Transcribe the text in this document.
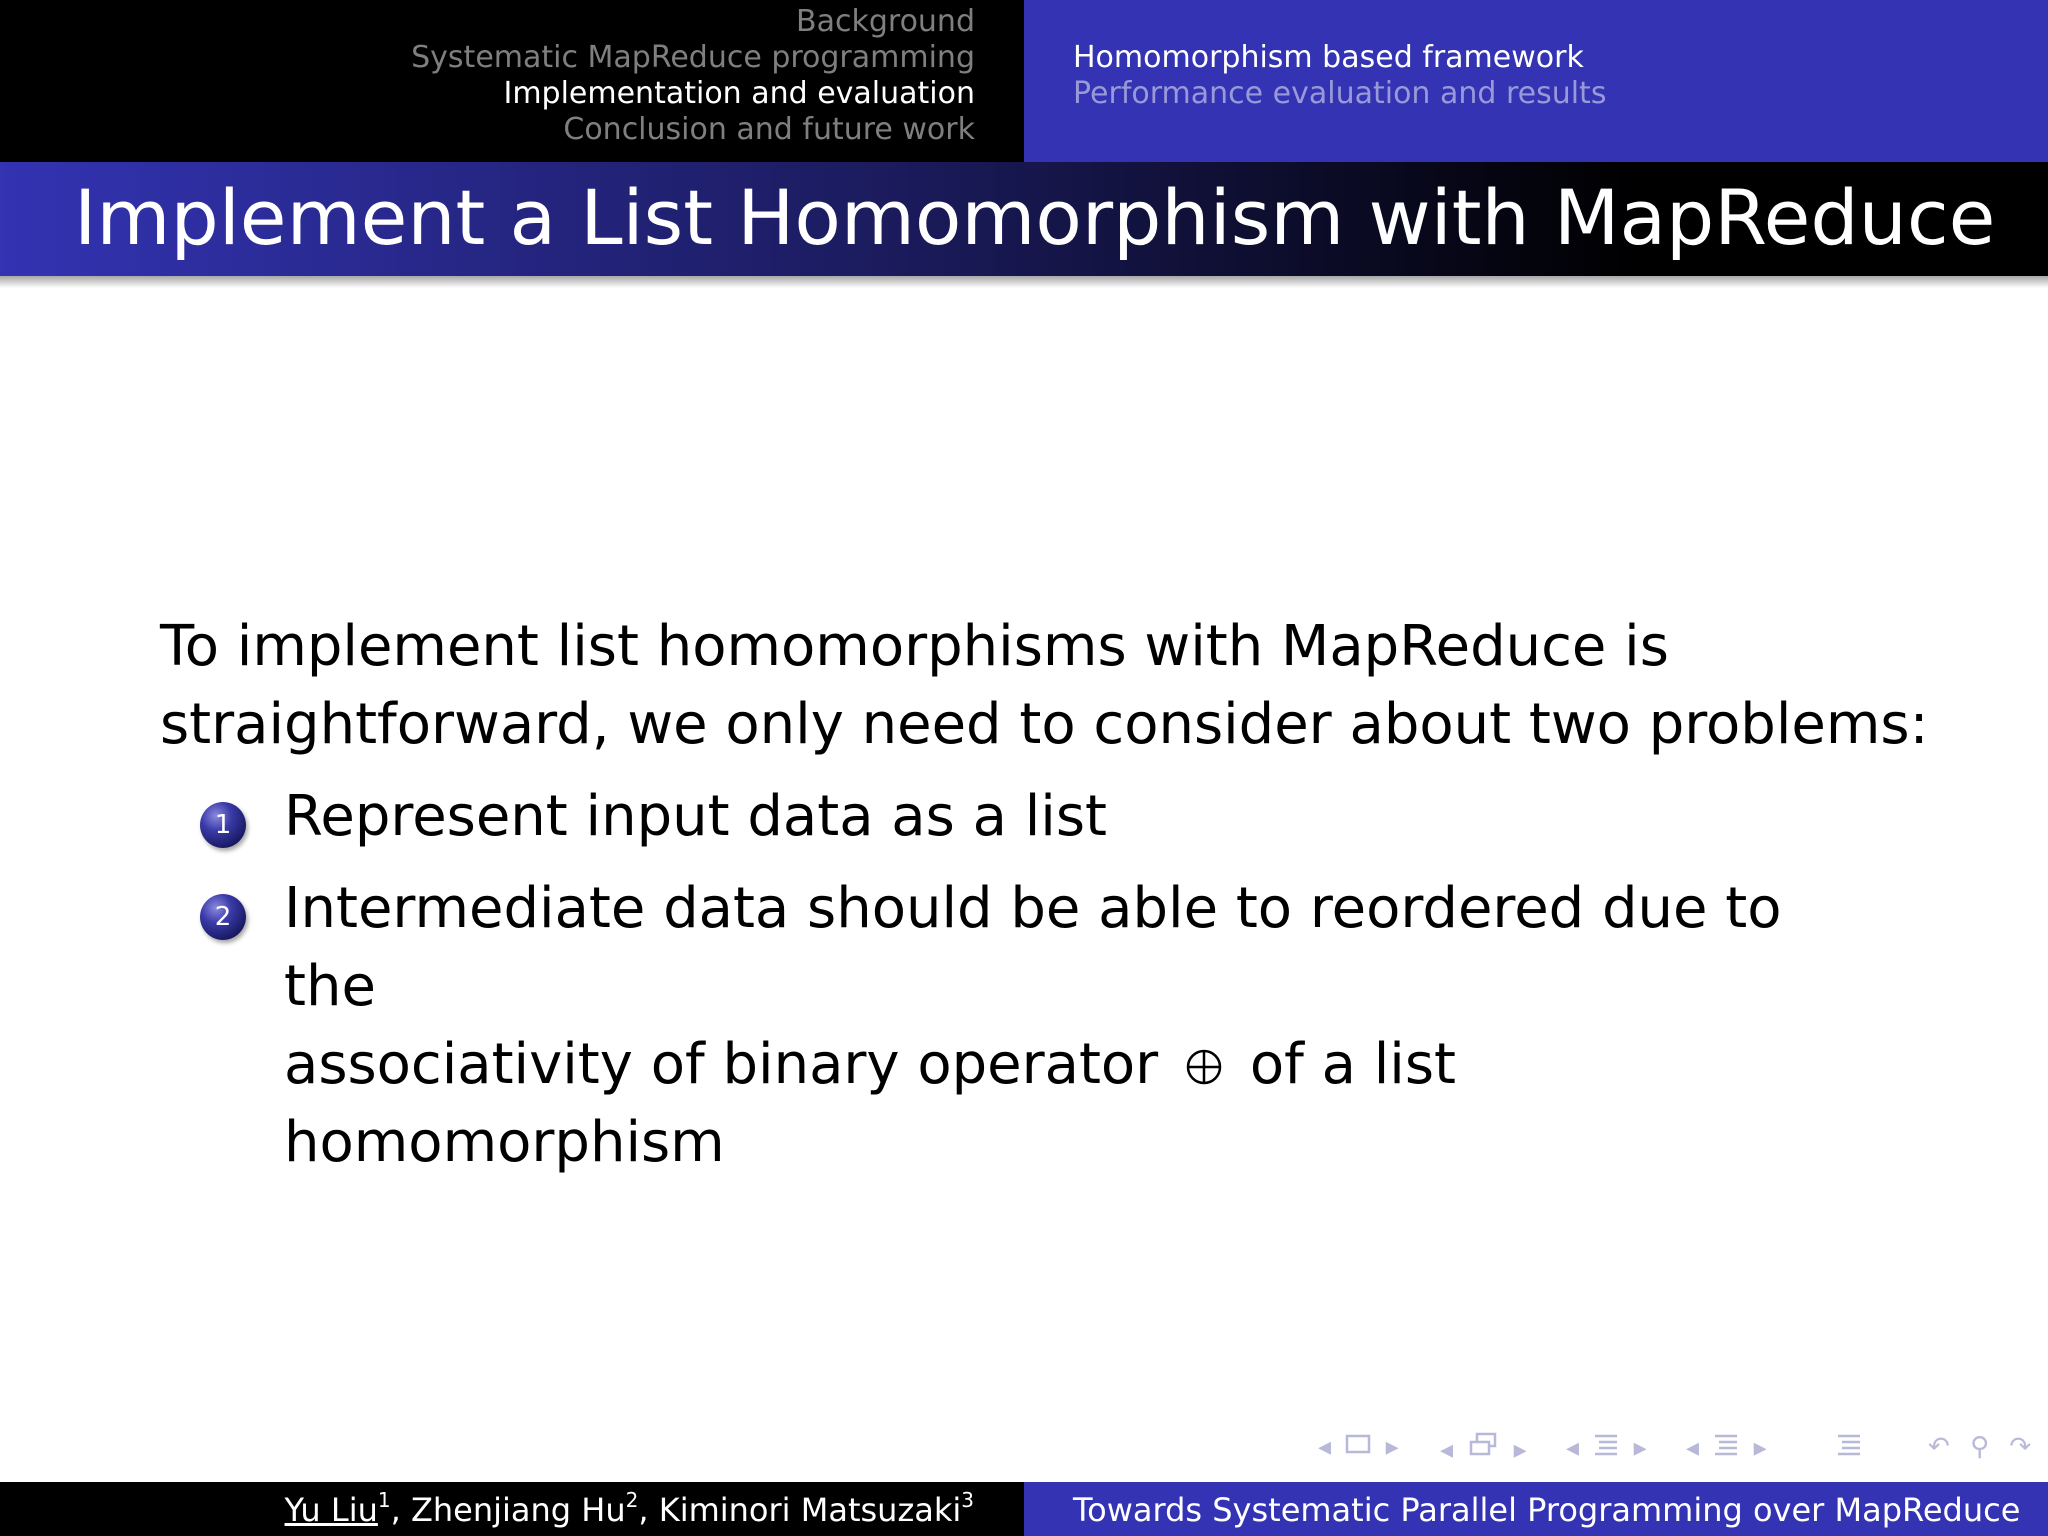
Background
Systematic MapReduce programming
Implementation and evaluation
Conclusion and future work
Homomorphism based framework
Performance evaluation and results
Implement a List Homomorphism with MapReduce
To implement list homomorphisms with MapReduce is
straightforward, we only need to consider about two problems:
1 Represent input data as a list
2 Intermediate data should be able to reordered due to the
associativity of binary operator of a list homomorphism
◂ ▸ ◂ ▸ ◂ ▸ ◂ ▸	↶ ⚲ ↷
Yu Liu$^1$, Zhenjiang Hu$^2$, Kiminori Matsuzaki$^3$	Towards Systematic Parallel Programming over MapReduce
